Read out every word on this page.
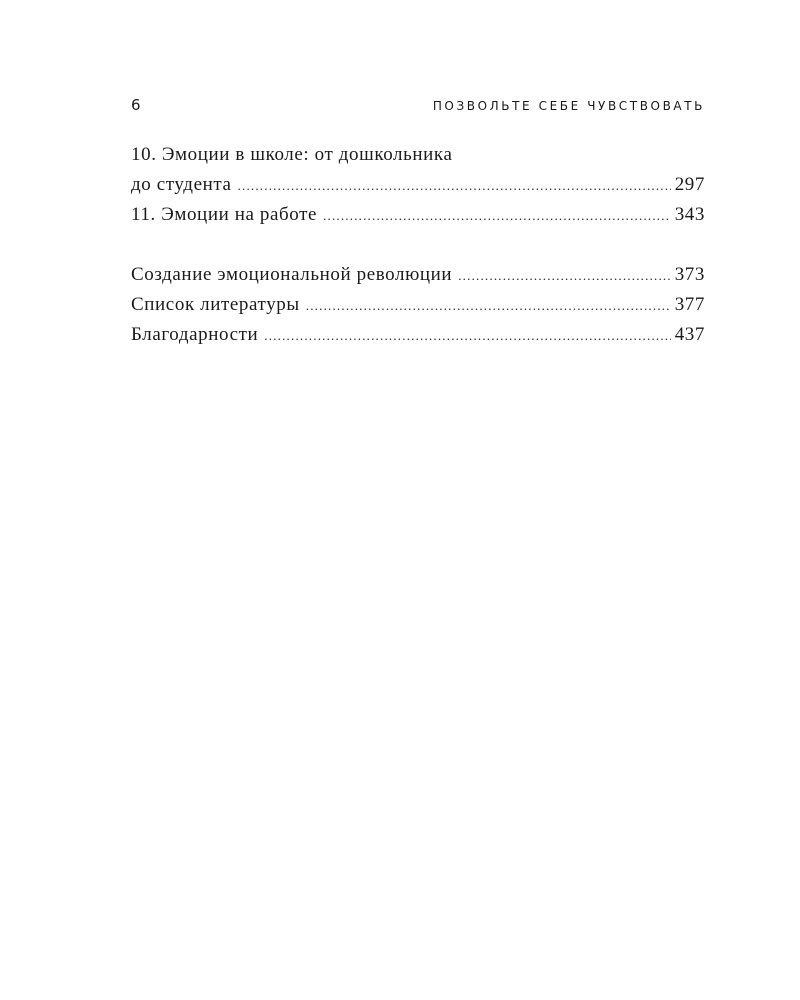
6	ПОЗВОЛЬТЕ СЕБЕ ЧУВСТВОВАТЬ
10. Эмоции в школе: от дошкольника
до студента .....	297
11. Эмоции на работе .....	343
Создание эмоциональной революции .....	373
Список литературы .....	377
Благодарности .....	437
